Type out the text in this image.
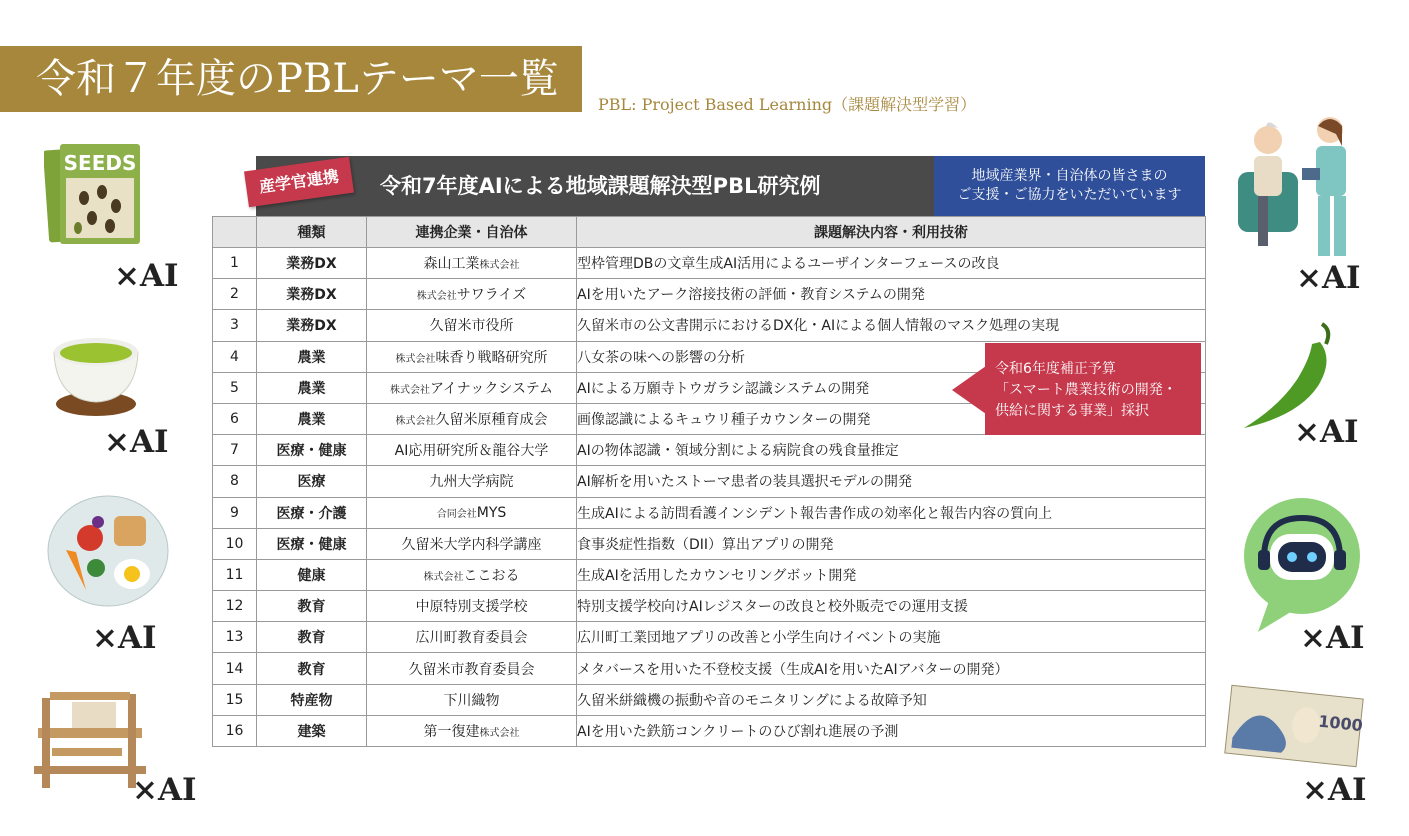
令和７年度のPBLテーマ一覧
PBL: Project Based Learning（課題解決型学習）
令和7年度AIによる地域課題解決型PBL研究例	地域産業界・自治体の皆さまの
ご支援・ご協力をいただいています
産学官連携
	種類	連携企業・自治体	課題解決内容・利用技術
1	業務DX	森山工業株式会社	型枠管理DBの文章生成AI活用によるユーザインターフェースの改良
2	業務DX	株式会社サワライズ	AIを用いたアーク溶接技術の評価・教育システムの開発
3	業務DX	久留米市役所	久留米市の公文書開示におけるDX化・AIによる個人情報のマスク処理の実現
4	農業	株式会社味香り戦略研究所	八女茶の味への影響の分析
5	農業	株式会社アイナックシステム	AIによる万願寺トウガラシ認識システムの開発
6	農業	株式会社久留米原種育成会	画像認識によるキュウリ種子カウンターの開発
7	医療・健康	AI応用研究所＆龍谷大学	AIの物体認識・領域分割による病院食の残食量推定
8	医療	九州大学病院	AI解析を用いたストーマ患者の装具選択モデルの開発
9	医療・介護	合同会社MYS	生成AIによる訪問看護インシデント報告書作成の効率化と報告内容の質向上
10	医療・健康	久留米大学内科学講座	食事炎症性指数（DII）算出アプリの開発
11	健康	株式会社ここおる	生成AIを活用したカウンセリングボット開発
12	教育	中原特別支援学校	特別支援学校向けAIレジスターの改良と校外販売での運用支援
13	教育	広川町教育委員会	広川町工業団地アプリの改善と小学生向けイベントの実施
14	教育	久留米市教育委員会	メタバースを用いた不登校支援（生成AIを用いたAIアバターの開発）
15	特産物	下川織物	久留米絣織機の振動や音のモニタリングによる故障予知
16	建築	第一復建株式会社	AIを用いた鉄筋コンクリートのひび割れ進展の予測
令和6年度補正予算
「スマート農業技術の開発・
供給に関する事業」採択
SEEDS
×AI
×AI
×AI
×AI
×AI
×AI
×AI
1000
×AI
